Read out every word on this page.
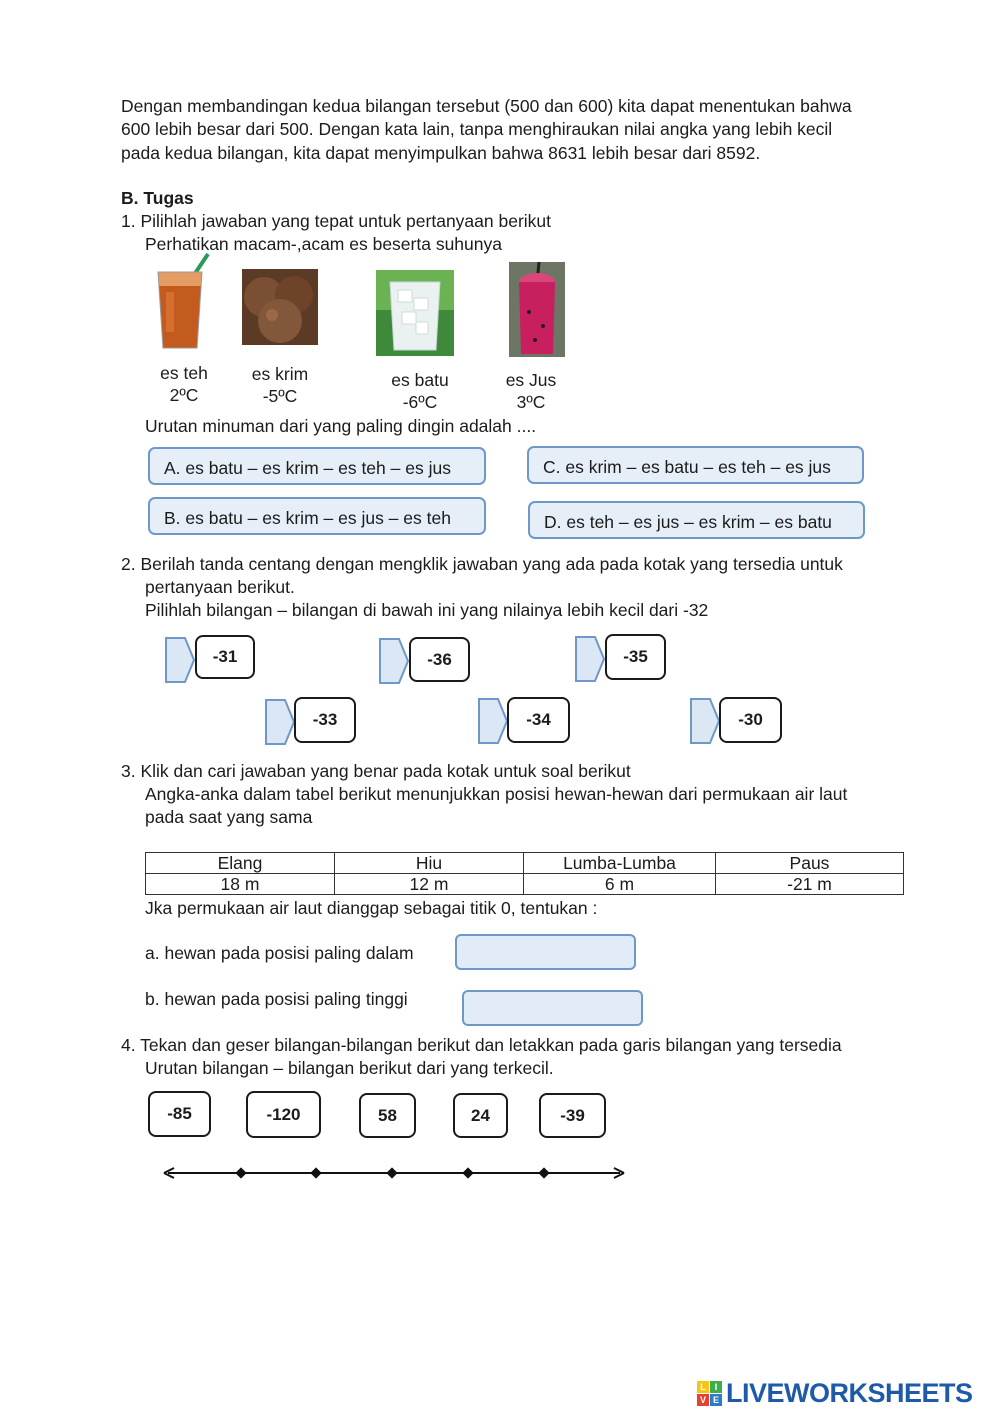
Dengan membandingan kedua bilangan tersebut (500 dan 600) kita dapat menentukan bahwa
600 lebih besar dari 500. Dengan kata lain, tanpa menghiraukan nilai angka yang lebih kecil
pada kedua bilangan, kita dapat menyimpulkan bahwa 8631 lebih besar dari 8592.
B. Tugas
1. Pilihlah jawaban yang tepat untuk pertanyaan berikut
Perhatikan macam-,acam es beserta suhunya
es teh
2ºC
es krim
-5ºC
es batu
-6ºC
es Jus
3ºC
Urutan minuman dari yang paling dingin adalah ....
A. es batu – es krim – es teh – es jus	C. es krim – es batu – es teh – es jus
B. es batu – es krim – es jus – es teh	D. es teh – es jus – es krim – es batu
2. Berilah tanda centang dengan mengklik jawaban yang ada pada kotak yang tersedia untuk
pertanyaan berikut.
Pilihlah bilangan – bilangan di bawah ini yang nilainya lebih kecil dari -32
-31	-36	-35
-33	-34	-30
3. Klik dan cari jawaban yang benar pada kotak untuk soal berikut
Angka-anka dalam tabel berikut menunjukkan posisi hewan-hewan dari permukaan air laut
pada saat yang sama
Elang	Hiu	Lumba-Lumba	Paus
18 m	12 m	6 m	-21 m
Jka permukaan air laut dianggap sebagai titik 0, tentukan :
a. hewan pada posisi paling dalam
b. hewan pada posisi paling tinggi
4. Tekan dan geser bilangan-bilangan berikut dan letakkan pada garis bilangan yang tersedia
Urutan bilangan – bilangan berikut dari yang terkecil.
-85	-120	58	24	-39
L I
V E LIVEWORKSHEETS
